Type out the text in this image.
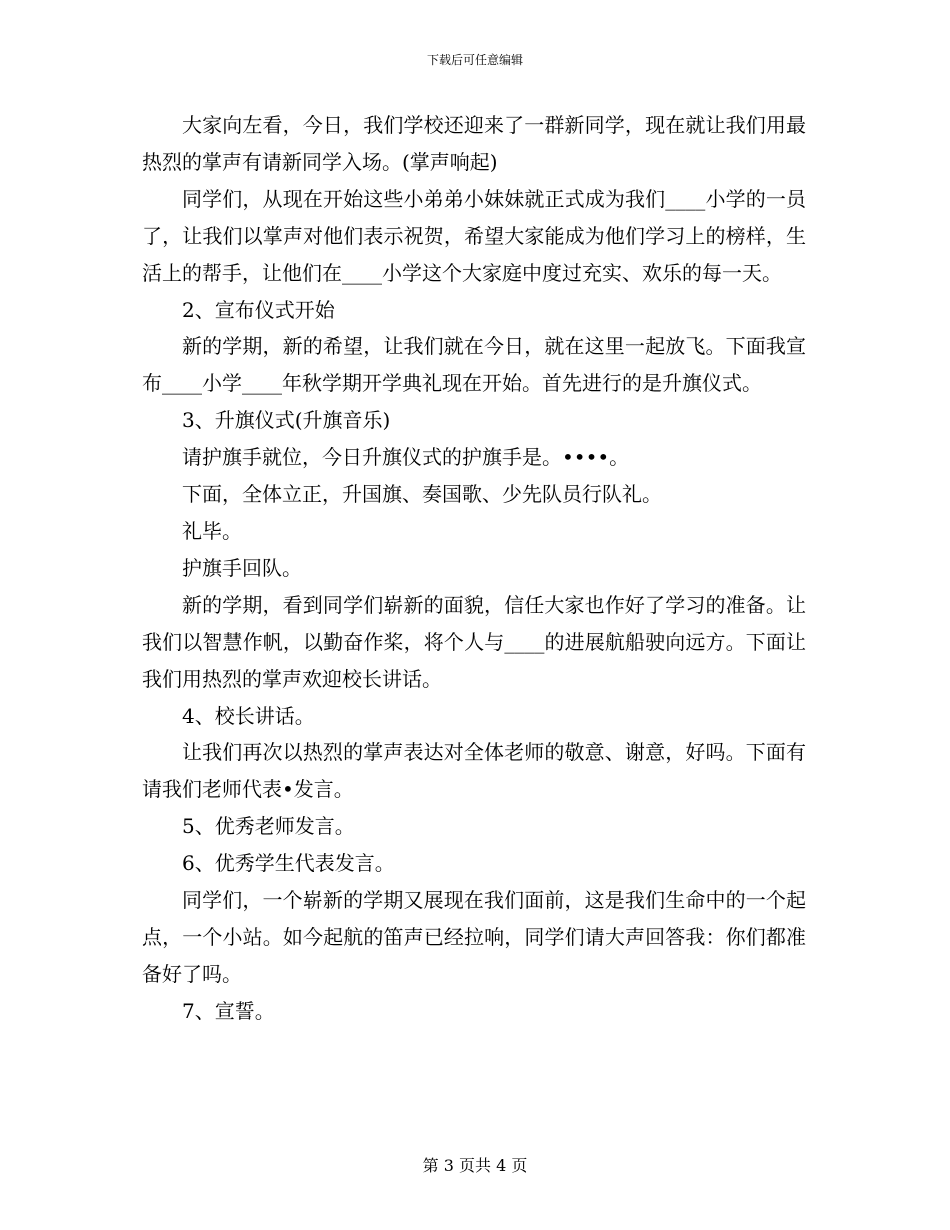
下载后可任意编辑

大家向左看，今日，我们学校还迎来了一群新同学，现在就让我们用最热烈的掌声有请新同学入场。(掌声响起)

同学们，从现在开始这些小弟弟小妹妹就正式成为我们____小学的一员了，让我们以掌声对他们表示祝贺，希望大家能成为他们学习上的榜样，生活上的帮手，让他们在____小学这个大家庭中度过充实、欢乐的每一天。

2、宣布仪式开始

新的学期，新的希望，让我们就在今日，就在这里一起放飞。下面我宣布____小学____年秋学期开学典礼现在开始。首先进行的是升旗仪式。

3、升旗仪式(升旗音乐)

请护旗手就位，今日升旗仪式的护旗手是。••••。

下面，全体立正，升国旗、奏国歌、少先队员行队礼。

礼毕。

护旗手回队。

新的学期，看到同学们崭新的面貌，信任大家也作好了学习的准备。让我们以智慧作帆，以勤奋作桨，将个人与____的进展航船驶向远方。下面让我们用热烈的掌声欢迎校长讲话。

4、校长讲话。

让我们再次以热烈的掌声表达对全体老师的敬意、谢意，好吗。下面有请我们老师代表•发言。

5、优秀老师发言。

6、优秀学生代表发言。

同学们，一个崭新的学期又展现在我们面前，这是我们生命中的一个起点，一个小站。如今起航的笛声已经拉响，同学们请大声回答我：你们都准备好了吗。

7、宣誓。

第 3 页共 4 页
